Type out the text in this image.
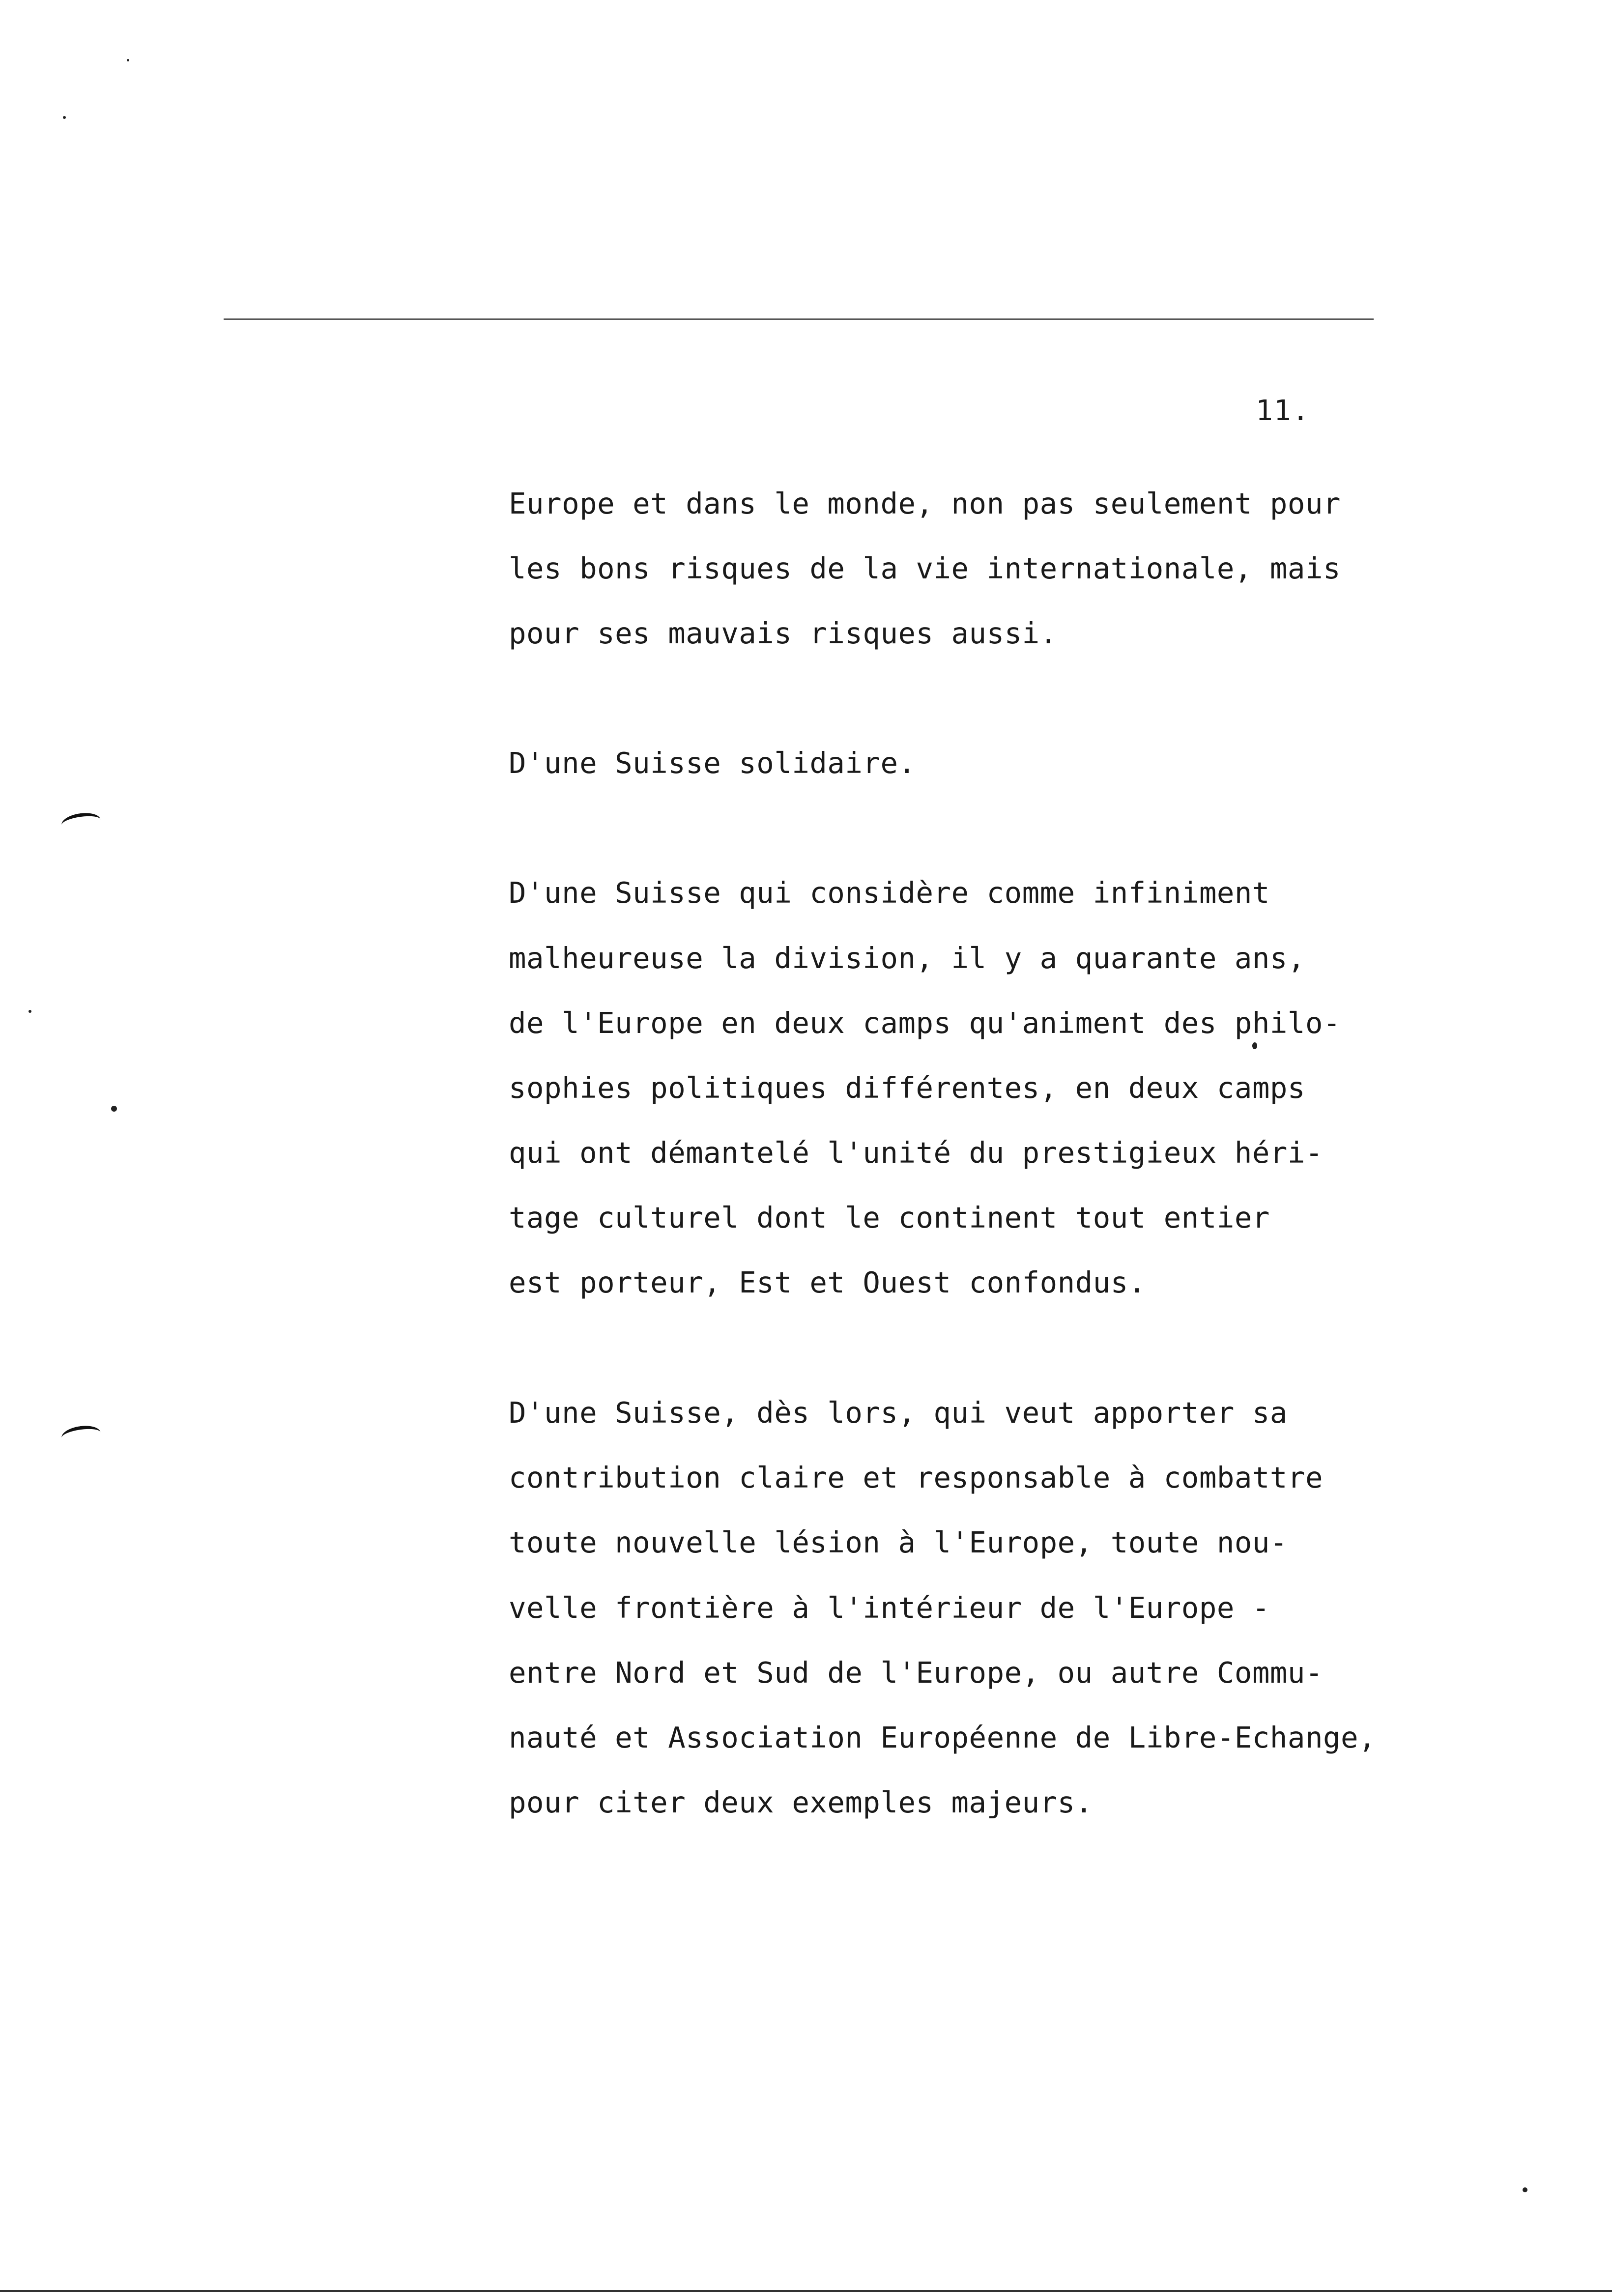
11.
Europe et dans le monde, non pas seulement pour
les bons risques de la vie internationale, mais
pour ses mauvais risques aussi.
D'une Suisse solidaire.
D'une Suisse qui considère comme infiniment
malheureuse la division, il y a quarante ans,
de l'Europe en deux camps qu'animent des philo-
sophies politiques différentes, en deux camps
qui ont démantelé l'unité du prestigieux héri-
tage culturel dont le continent tout entier
est porteur, Est et Ouest confondus.
D'une Suisse, dès lors, qui veut apporter sa
contribution claire et responsable à combattre
toute nouvelle lésion à l'Europe, toute nou-
velle frontière à l'intérieur de l'Europe -
entre Nord et Sud de l'Europe, ou autre Commu-
nauté et Association Européenne de Libre-Echange,
pour citer deux exemples majeurs.
